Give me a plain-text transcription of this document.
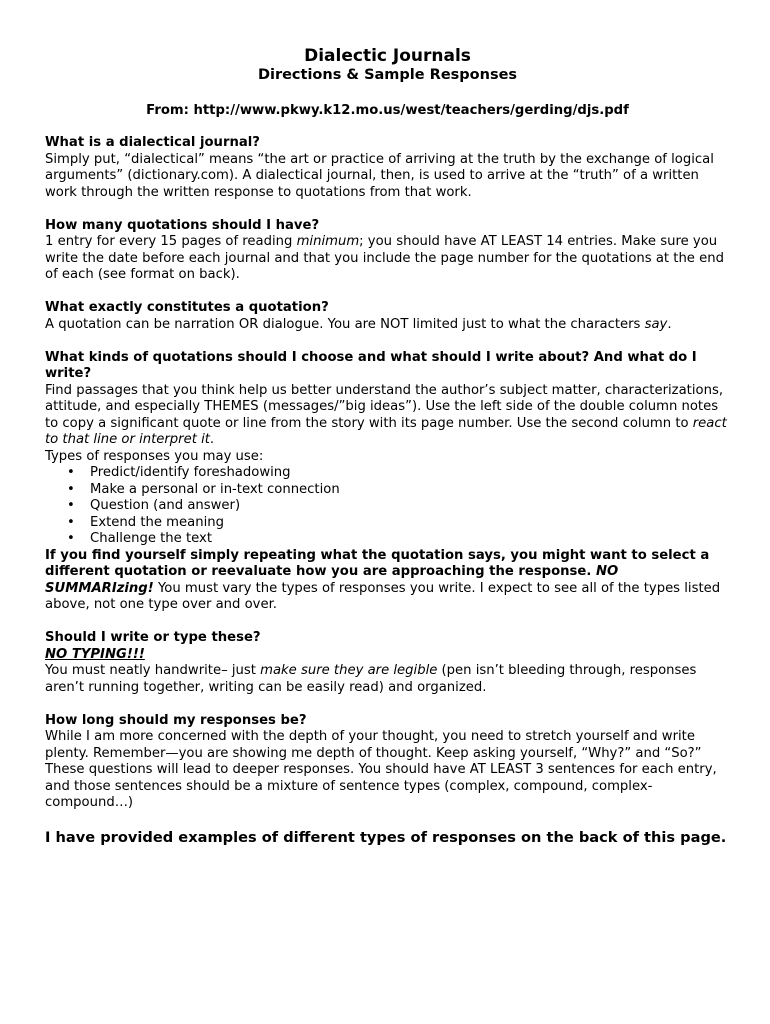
Dialectic Journals
Directions & Sample Responses

From: http://www.pkwy.k12.mo.us/west/teachers/gerding/djs.pdf

What is a dialectical journal?

Simply put, “dialectical” means “the art or practice of arriving at the truth by the exchange of logical arguments” (dictionary.com). A dialectical journal, then, is used to arrive at the “truth” of a written work through the written response to quotations from that work.

How many quotations should I have?

1 entry for every 15 pages of reading minimum; you should have AT LEAST 14 entries. Make sure you write the date before each journal and that you include the page number for the quotations at the end of each (see format on back).

What exactly constitutes a quotation?

A quotation can be narration OR dialogue. You are NOT limited just to what the characters say.

What kinds of quotations should I choose and what should I write about? And what do I write?

Find passages that you think help us better understand the author’s subject matter, characterizations, attitude, and especially THEMES (messages/”big ideas”). Use the left side of the double column notes to copy a significant quote or line from the story with its page number. Use the second column to react to that line or interpret it.

Types of responses you may use:

• Predict/identify foreshadowing
• Make a personal or in-text connection
• Question (and answer)
• Extend the meaning
• Challenge the text

If you find yourself simply repeating what the quotation says, you might want to select a different quotation or reevaluate how you are approaching the response. NO SUMMARIzing! You must vary the types of responses you write. I expect to see all of the types listed above, not one type over and over.

Should I write or type these?

NO TYPING!!!

You must neatly handwrite– just make sure they are legible (pen isn’t bleeding through, responses aren’t running together, writing can be easily read) and organized.

How long should my responses be?

While I am more concerned with the depth of your thought, you need to stretch yourself and write plenty. Remember—you are showing me depth of thought. Keep asking yourself, “Why?” and “So?” These questions will lead to deeper responses. You should have AT LEAST 3 sentences for each entry, and those sentences should be a mixture of sentence types (complex, compound, complex-compound…)

I have provided examples of different types of responses on the back of this page.
